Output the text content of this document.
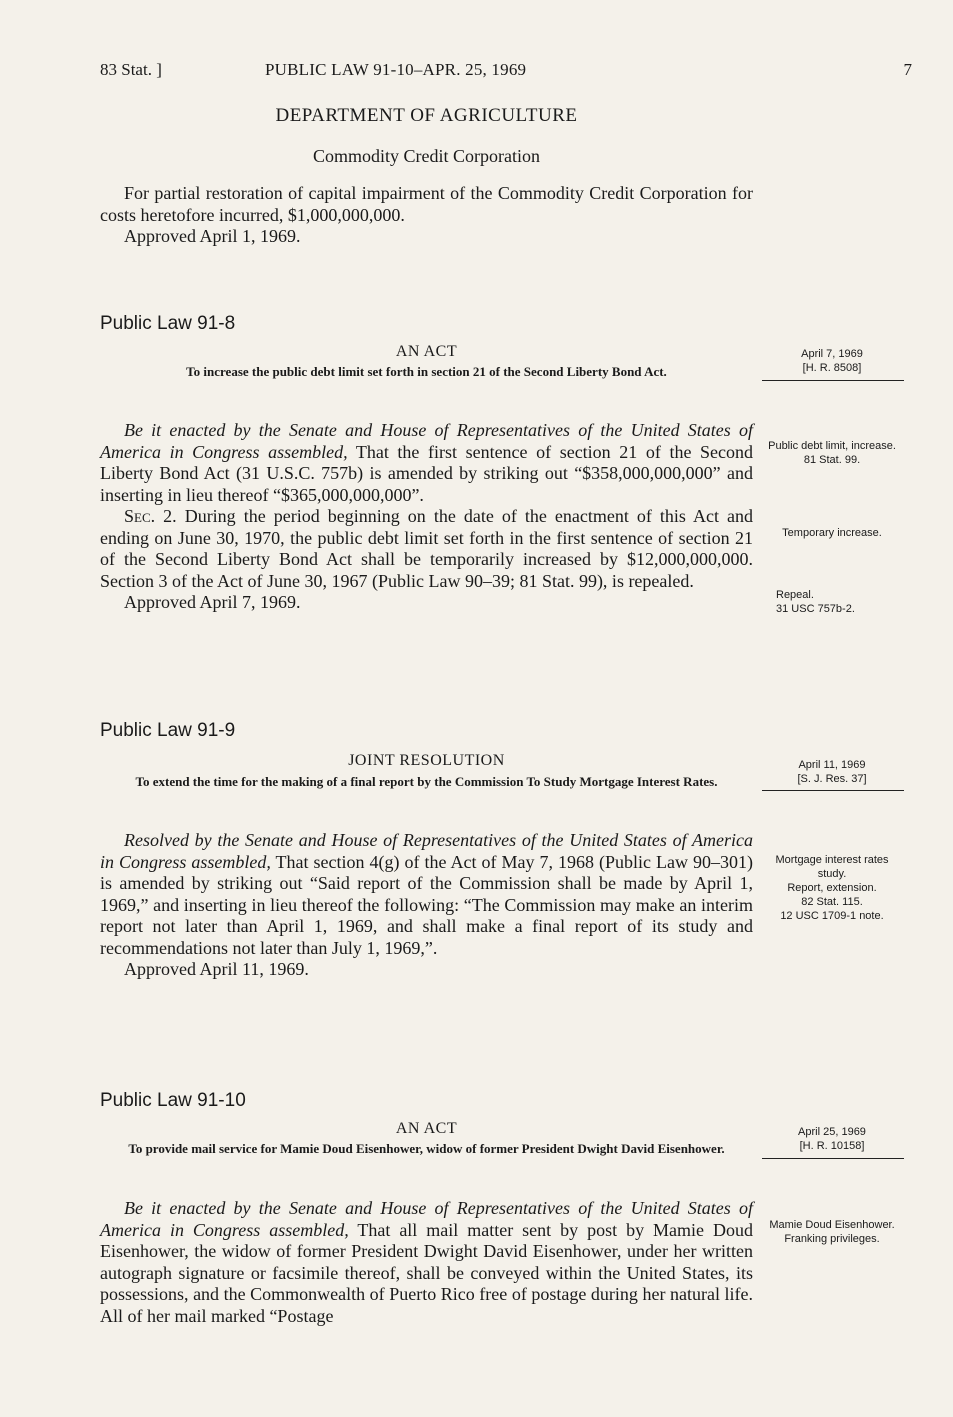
83 Stat. ]	PUBLIC LAW 91-10–APR. 25, 1969	7
DEPARTMENT OF AGRICULTURE
Commodity Credit Corporation

For partial restoration of capital impairment of the Commodity Credit Corporation for costs heretofore incurred, $1,000,000,000.

Approved April 1, 1969.

Public Law 91-8
AN ACT
To increase the public debt limit set forth in section 21 of the Second Liberty Bond Act.
April 7, 1969
[H. R. 8508]

Be it enacted by the Senate and House of Representatives of the United States of America in Congress assembled, That the first sentence of section 21 of the Second Liberty Bond Act (31 U.S.C. 757b) is amended by striking out “$358,000,000,000” and inserting in lieu thereof “$365,000,000,000”.

Sec. 2. During the period beginning on the date of the enactment of this Act and ending on June 30, 1970, the public debt limit set forth in the first sentence of section 21 of the Second Liberty Bond Act shall be temporarily increased by $12,000,000,000. Section 3 of the Act of June 30, 1967 (Public Law 90–39; 81 Stat. 99), is repealed.

Approved April 7, 1969.

Public debt limit, increase.
81 Stat. 99.
Temporary increase.
Repeal.
31 USC 757b-2.
Public Law 91-9
JOINT RESOLUTION
To extend the time for the making of a final report by the Commission To Study Mortgage Interest Rates.
April 11, 1969
[S. J. Res. 37]

Resolved by the Senate and House of Representatives of the United States of America in Congress assembled, That section 4(g) of the Act of May 7, 1968 (Public Law 90–301) is amended by striking out “Said report of the Commission shall be made by April 1, 1969,” and inserting in lieu thereof the following: “The Commission may make an interim report not later than April 1, 1969, and shall make a final report of its study and recommendations not later than July 1, 1969,”.

Approved April 11, 1969.

Mortgage interest rates study.
Report, extension.
82 Stat. 115.
12 USC 1709-1 note.
Public Law 91-10
AN ACT
To provide mail service for Mamie Doud Eisenhower, widow of former President Dwight David Eisenhower.
April 25, 1969
[H. R. 10158]

Be it enacted by the Senate and House of Representatives of the United States of America in Congress assembled, That all mail matter sent by post by Mamie Doud Eisenhower, the widow of former President Dwight David Eisenhower, under her written autograph signature or facsimile thereof, shall be conveyed within the United States, its possessions, and the Commonwealth of Puerto Rico free of postage during her natural life. All of her mail marked “Postage

Mamie Doud Eisenhower.
Franking privileges.
